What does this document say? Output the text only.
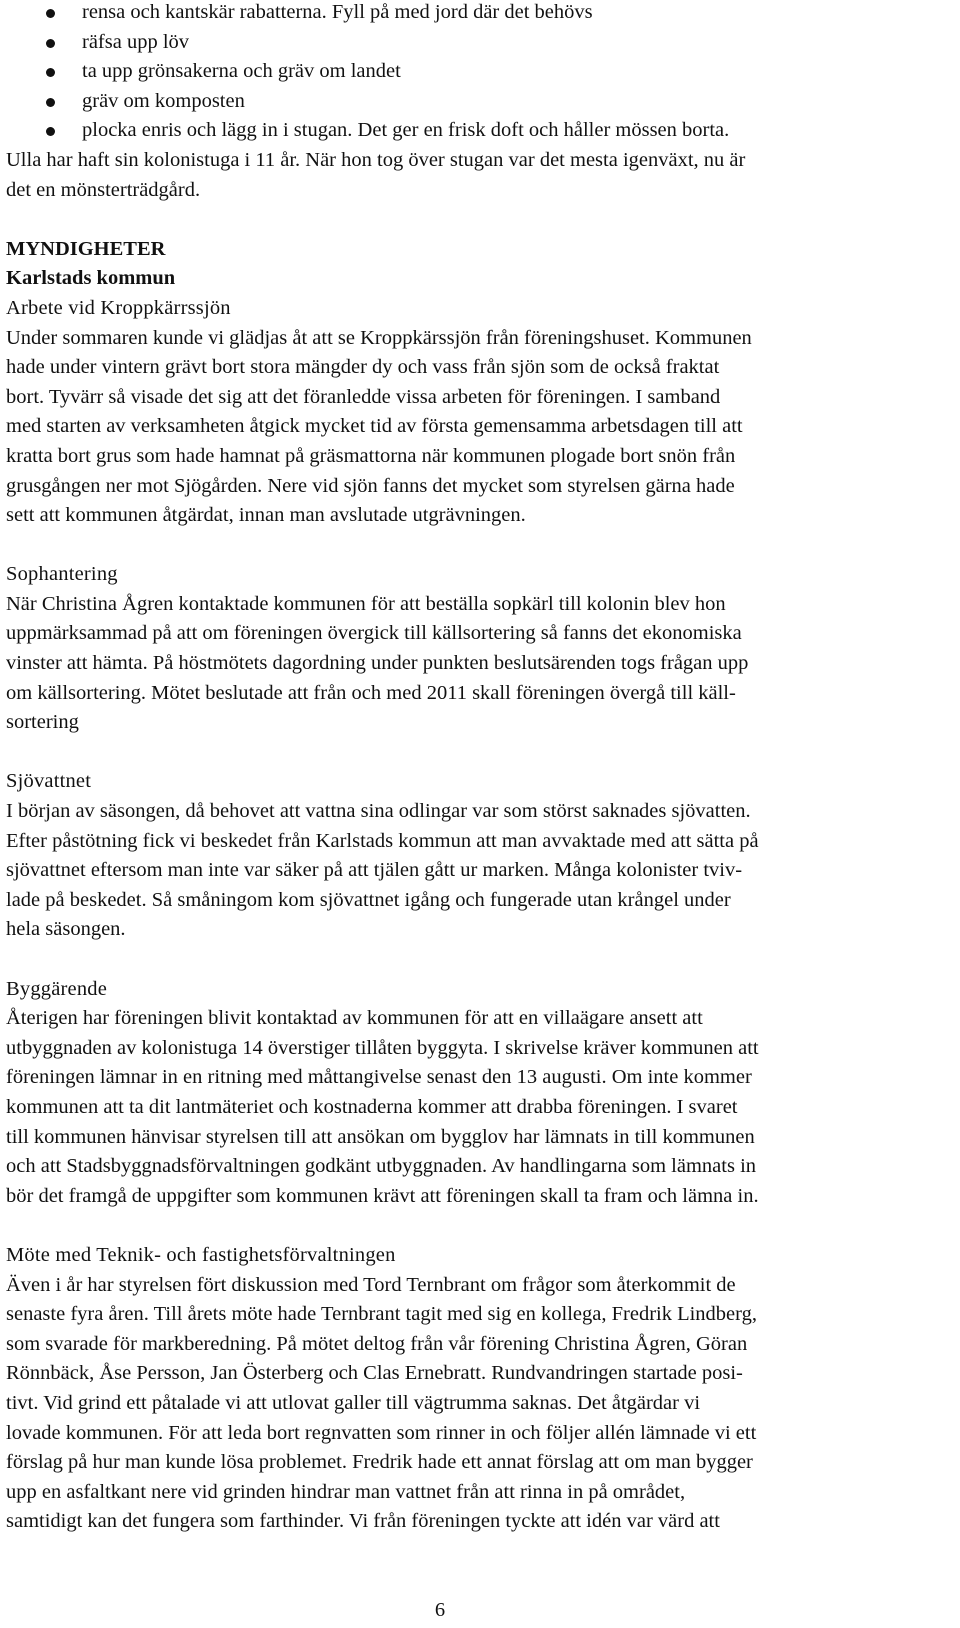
rensa och kantskär rabatterna. Fyll på med jord där det behövs
räfsa upp löv
ta upp grönsakerna och gräv om landet
gräv om komposten
plocka enris och lägg in i stugan. Det ger en frisk doft och håller mössen borta.
Ulla har haft sin kolonistuga i 11 år. När hon tog över stugan var det mesta igenväxt, nu är
det en mönsterträdgård.
MYNDIGHETER
Karlstads kommun
Arbete vid Kroppkärrssjön
Under sommaren kunde vi glädjas åt att se Kroppkärssjön från föreningshuset. Kommunen
hade under vintern grävt bort stora mängder dy och vass från sjön som de också fraktat
bort. Tyvärr så visade det sig att det föranledde vissa arbeten för föreningen. I samband
med starten av verksamheten åtgick mycket tid av första gemensamma arbetsdagen till att
kratta bort grus som hade hamnat på gräsmattorna när kommunen plogade bort snön från
grusgången ner mot Sjögården. Nere vid sjön fanns det mycket som styrelsen gärna hade
sett att kommunen åtgärdat, innan man avslutade utgrävningen.
Sophantering
När Christina Ågren kontaktade kommunen för att beställa sopkärl till kolonin blev hon
uppmärksammad på att om föreningen övergick till källsortering så fanns det ekonomiska
vinster att hämta. På höstmötets dagordning under punkten beslutsärenden togs frågan upp
om källsortering. Mötet beslutade att från och med 2011 skall föreningen övergå till käll-
sortering
Sjövattnet
I början av säsongen, då behovet att vattna sina odlingar var som störst saknades sjövatten.
Efter påstötning fick vi beskedet från Karlstads kommun att man avvaktade med att sätta på
sjövattnet eftersom man inte var säker på att tjälen gått ur marken. Många kolonister tviv-
lade på beskedet. Så småningom kom sjövattnet igång och fungerade utan krångel under
hela säsongen.
Byggärende
Återigen har föreningen blivit kontaktad av kommunen för att en villaägare ansett att
utbyggnaden av kolonistuga 14 överstiger tillåten byggyta. I skrivelse kräver kommunen att
föreningen lämnar in en ritning med måttangivelse senast den 13 augusti. Om inte kommer
kommunen att ta dit lantmäteriet och kostnaderna kommer att drabba föreningen. I svaret
till kommunen hänvisar styrelsen till att ansökan om bygglov har lämnats in till kommunen
och att Stadsbyggnadsförvaltningen godkänt utbyggnaden. Av handlingarna som lämnats in
bör det framgå de uppgifter som kommunen krävt att föreningen skall ta fram och lämna in.
Möte med Teknik- och fastighetsförvaltningen
Även i år har styrelsen fört diskussion med Tord Ternbrant om frågor som återkommit de
senaste fyra åren. Till årets möte hade Ternbrant tagit med sig en kollega, Fredrik Lindberg,
som svarade för markberedning. På mötet deltog från vår förening Christina Ågren, Göran
Rönnbäck, Åse Persson, Jan Österberg och Clas Ernebratt. Rundvandringen startade posi-
tivt. Vid grind ett påtalade vi att utlovat galler till vägtrumma saknas. Det åtgärdar vi
lovade kommunen. För att leda bort regnvatten som rinner in och följer allén lämnade vi ett
förslag på hur man kunde lösa problemet. Fredrik hade ett annat förslag att om man bygger
upp en asfaltkant nere vid grinden hindrar man vattnet från att rinna in på området,
samtidigt kan det fungera som farthinder. Vi från föreningen tyckte att idén var värd att
6
